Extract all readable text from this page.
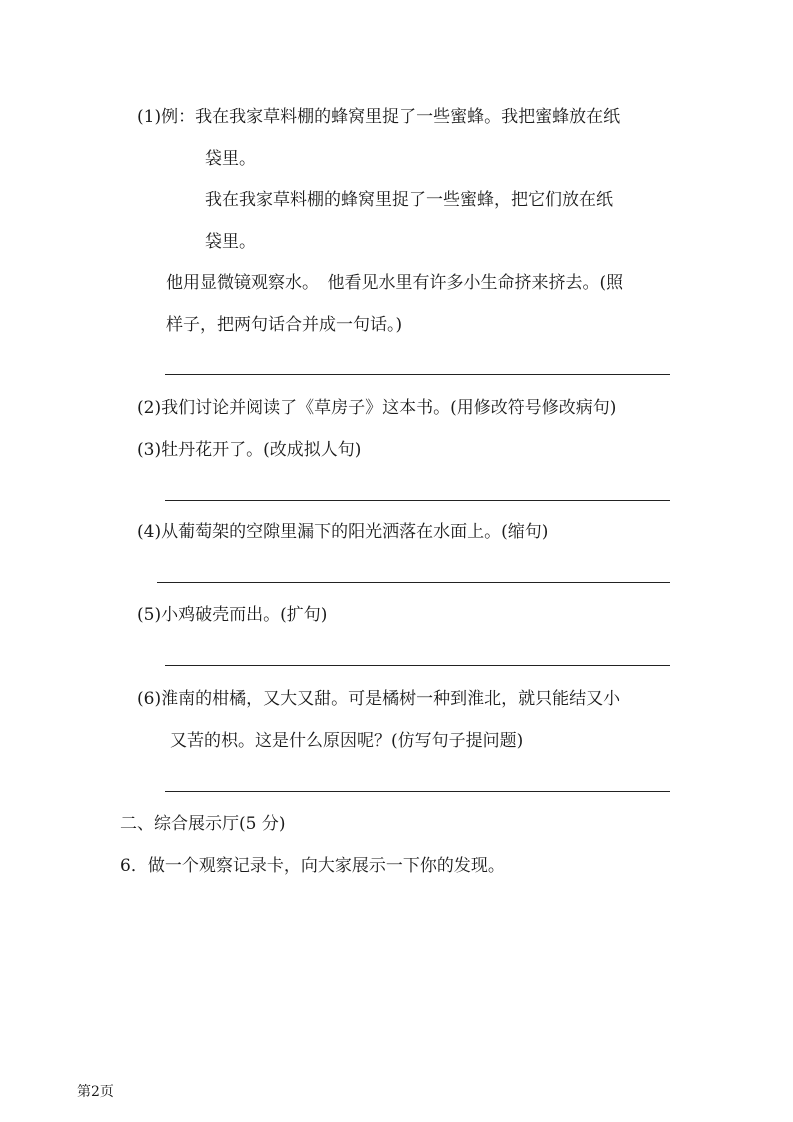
(1)例：我在我家草料棚的蜂窝里捉了一些蜜蜂。我把蜜蜂放在纸
袋里。
我在我家草料棚的蜂窝里捉了一些蜜蜂，把它们放在纸
袋里。
他用显微镜观察水。　他看见水里有许多小生命挤来挤去。(照
样子，把两句话合并成一句话。)
(2)我们讨论并阅读了《草房子》这本书。(用修改符号修改病句)
(3)牡丹花开了。(改成拟人句)
(4)从葡萄架的空隙里漏下的阳光洒落在水面上。(缩句)
(5)小鸡破壳而出。(扩句)
(6)淮南的柑橘，又大又甜。可是橘树一种到淮北，就只能结又小
又苦的枳。这是什么原因呢？(仿写句子提问题)
二、综合展示厅(5 分)
6．做一个观察记录卡，向大家展示一下你的发现。
第2页
